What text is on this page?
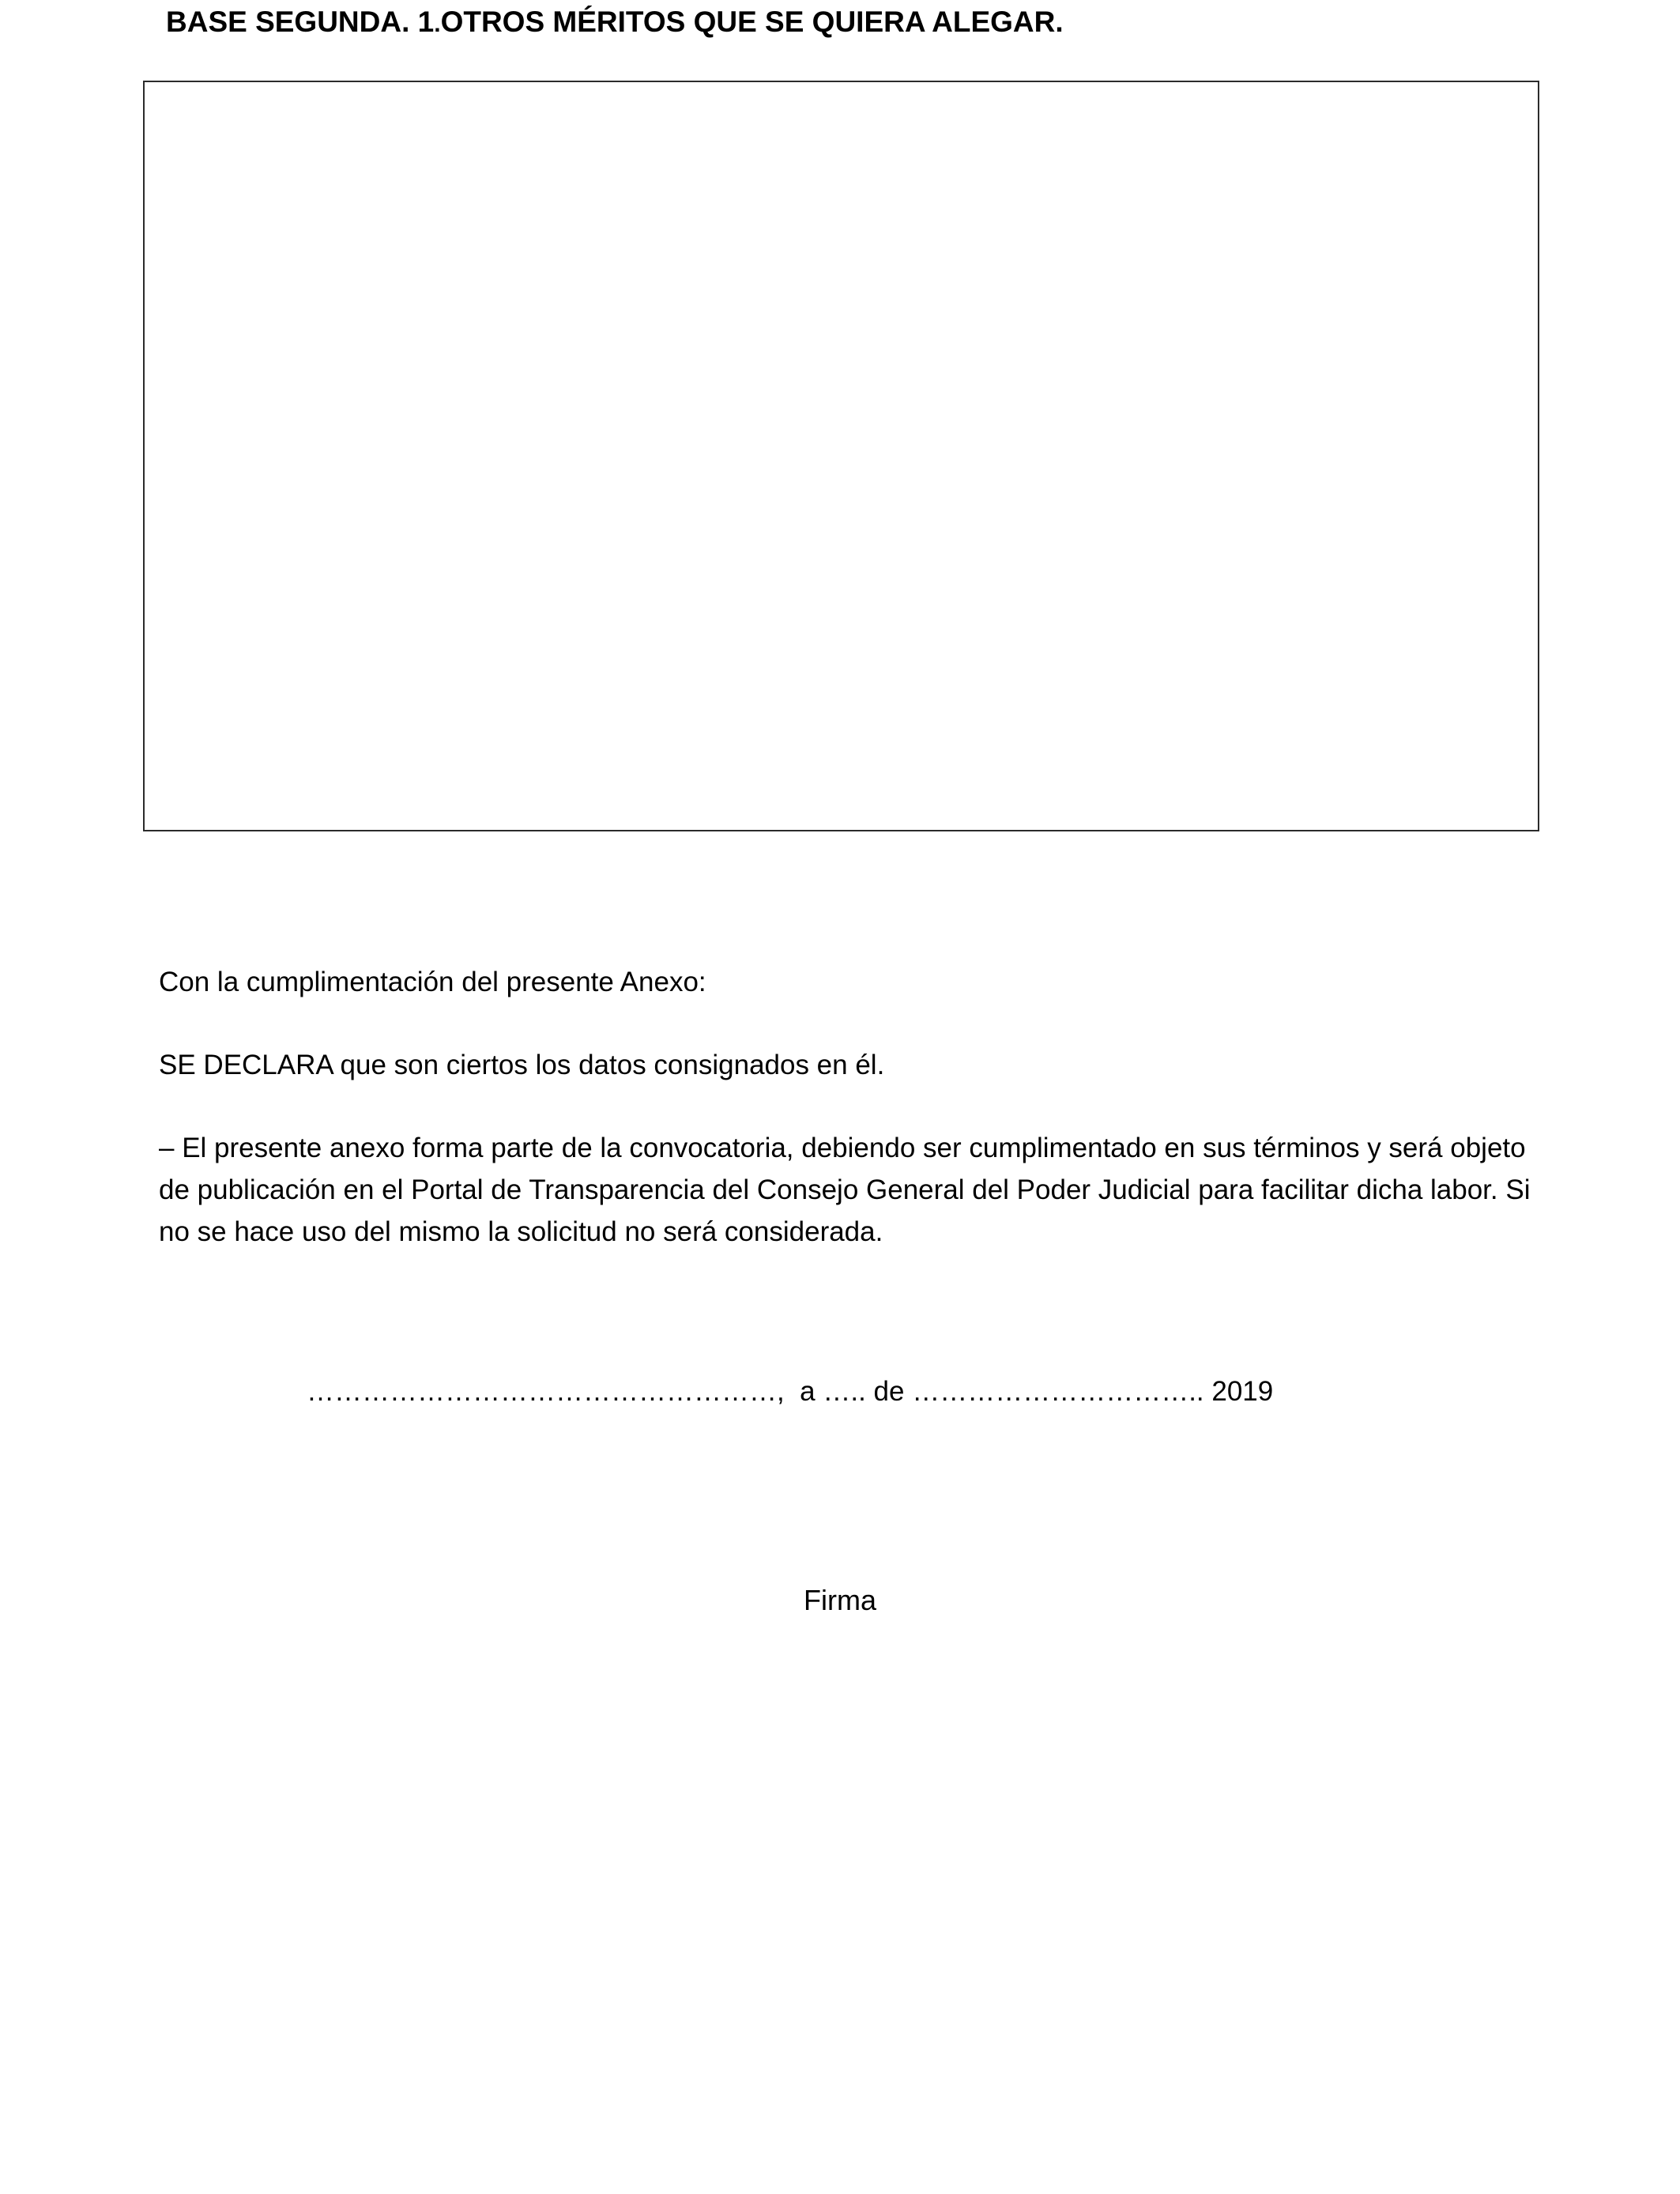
BASE SEGUNDA. 1.OTROS MÉRITOS QUE SE QUIERA ALEGAR.
Con la cumplimentación del presente Anexo:
SE DECLARA que son ciertos los datos consignados en él.
– El presente anexo forma parte de la convocatoria, debiendo ser cumplimentado en sus términos y será objeto
de publicación en el Portal de Transparencia del Consejo General del Poder Judicial para facilitar dicha labor. Si
no se hace uso del mismo la solicitud no será considerada.
……………………………………………,  a ….. de ………………………….. 2019
Firma
